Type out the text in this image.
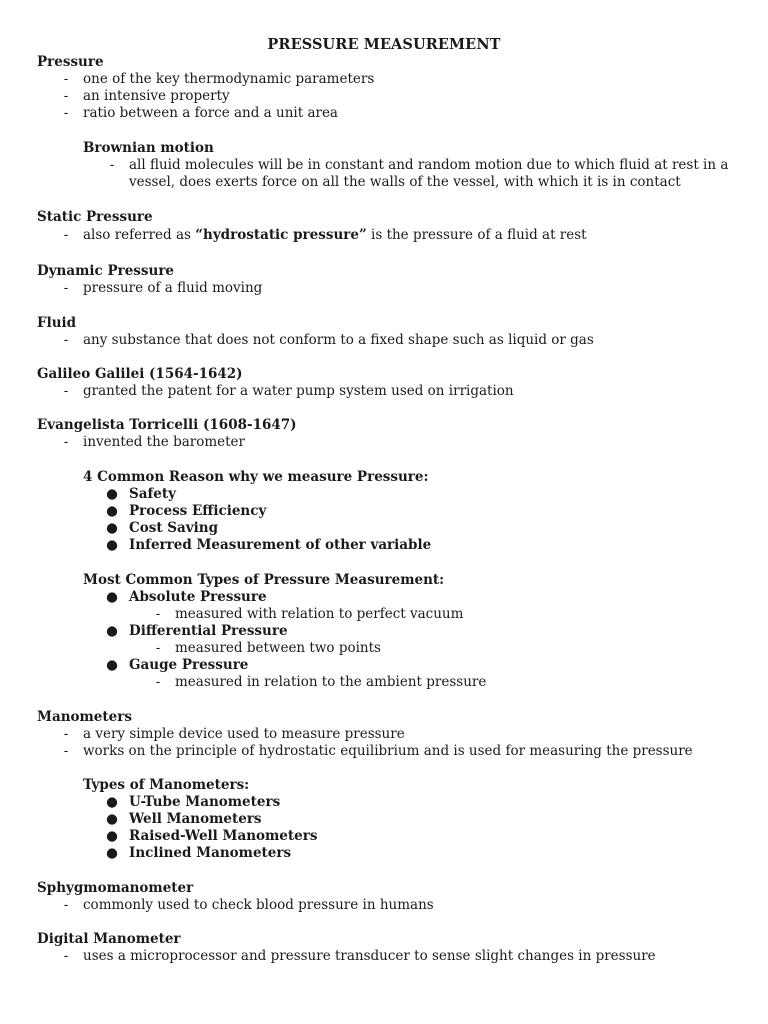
PRESSURE MEASUREMENT
Pressure
-	one of the key thermodynamic parameters
-	an intensive property
-	ratio between a force and a unit area
Brownian motion
-	all fluid molecules will be in constant and random motion due to which fluid at rest in a vessel, does exerts force on all the walls of the vessel, with which it is in contact
Static Pressure
-	also referred as “hydrostatic pressure” is the pressure of a fluid at rest
Dynamic Pressure
-	pressure of a fluid moving
Fluid
-	any substance that does not conform to a fixed shape such as liquid or gas
Galileo Galilei (1564-1642)
-	granted the patent for a water pump system used on irrigation
Evangelista Torricelli (1608-1647)
-	invented the barometer
4 Common Reason why we measure Pressure:
● Safety
● Process Efficiency
● Cost Saving
● Inferred Measurement of other variable
Most Common Types of Pressure Measurement:
● Absolute Pressure
-	measured with relation to perfect vacuum
● Differential Pressure
-	measured between two points
● Gauge Pressure
-	measured in relation to the ambient pressure
Manometers
-	a very simple device used to measure pressure
-	works on the principle of hydrostatic equilibrium and is used for measuring the pressure
Types of Manometers:
● U-Tube Manometers
● Well Manometers
● Raised-Well Manometers
● Inclined Manometers
Sphygmomanometer
-	commonly used to check blood pressure in humans
Digital Manometer
-	uses a microprocessor and pressure transducer to sense slight changes in pressure
